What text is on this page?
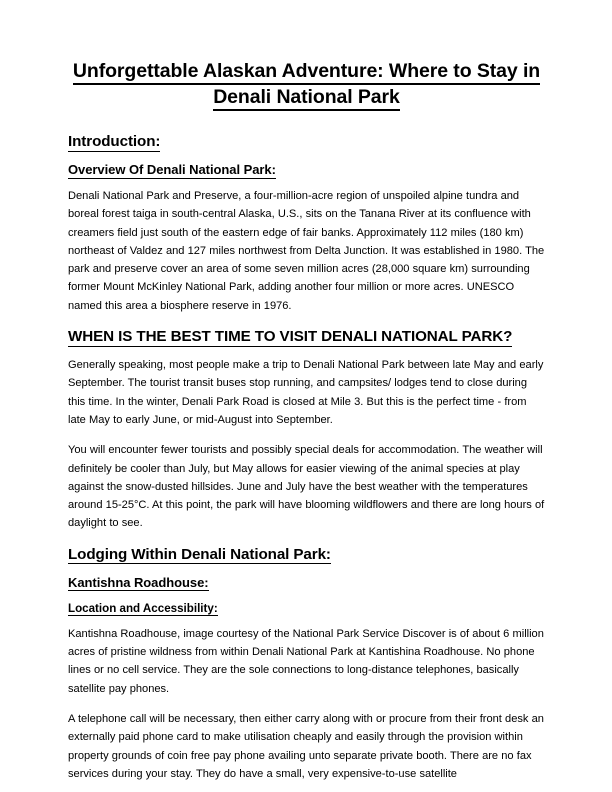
Unforgettable Alaskan Adventure: Where to Stay in
Denali National Park
Introduction:
Overview Of Denali National Park:

Denali National Park and Preserve, a four-million-acre region of unspoiled alpine tundra and boreal forest taiga in south-central Alaska, U.S., sits on the Tanana River at its confluence with creamers field just south of the eastern edge of fair banks. Approximately 112 miles (180 km) northeast of Valdez and 127 miles northwest from Delta Junction. It was established in 1980. The park and preserve cover an area of some seven million acres (28,000 square km) surrounding former Mount McKinley National Park, adding another four million or more acres. UNESCO named this area a biosphere reserve in 1976.

WHEN IS THE BEST TIME TO VISIT DENALI NATIONAL PARK?

Generally speaking, most people make a trip to Denali National Park between late May and early September. The tourist transit buses stop running, and campsites/ lodges tend to close during this time. In the winter, Denali Park Road is closed at Mile 3. But this is the perfect time - from late May to early June, or mid-August into September.

You will encounter fewer tourists and possibly special deals for accommodation. The weather will definitely be cooler than July, but May allows for easier viewing of the animal species at play against the snow-dusted hillsides. June and July have the best weather with the temperatures around 15-25°C. At this point, the park will have blooming wildflowers and there are long hours of daylight to see.

Lodging Within Denali National Park:
Kantishna Roadhouse:
Location and Accessibility:

Kantishna Roadhouse, image courtesy of the National Park Service Discover is of about 6 million acres of pristine wildness from within Denali National Park at Kantishina Roadhouse. No phone lines or no cell service. They are the sole connections to long-distance telephones, basically satellite pay phones.

A telephone call will be necessary, then either carry along with or procure from their front desk an externally paid phone card to make utilisation cheaply and easily through the provision within property grounds of coin free pay phone availing unto separate private booth. There are no fax services during your stay. They do have a small, very expensive-to-use satellite
